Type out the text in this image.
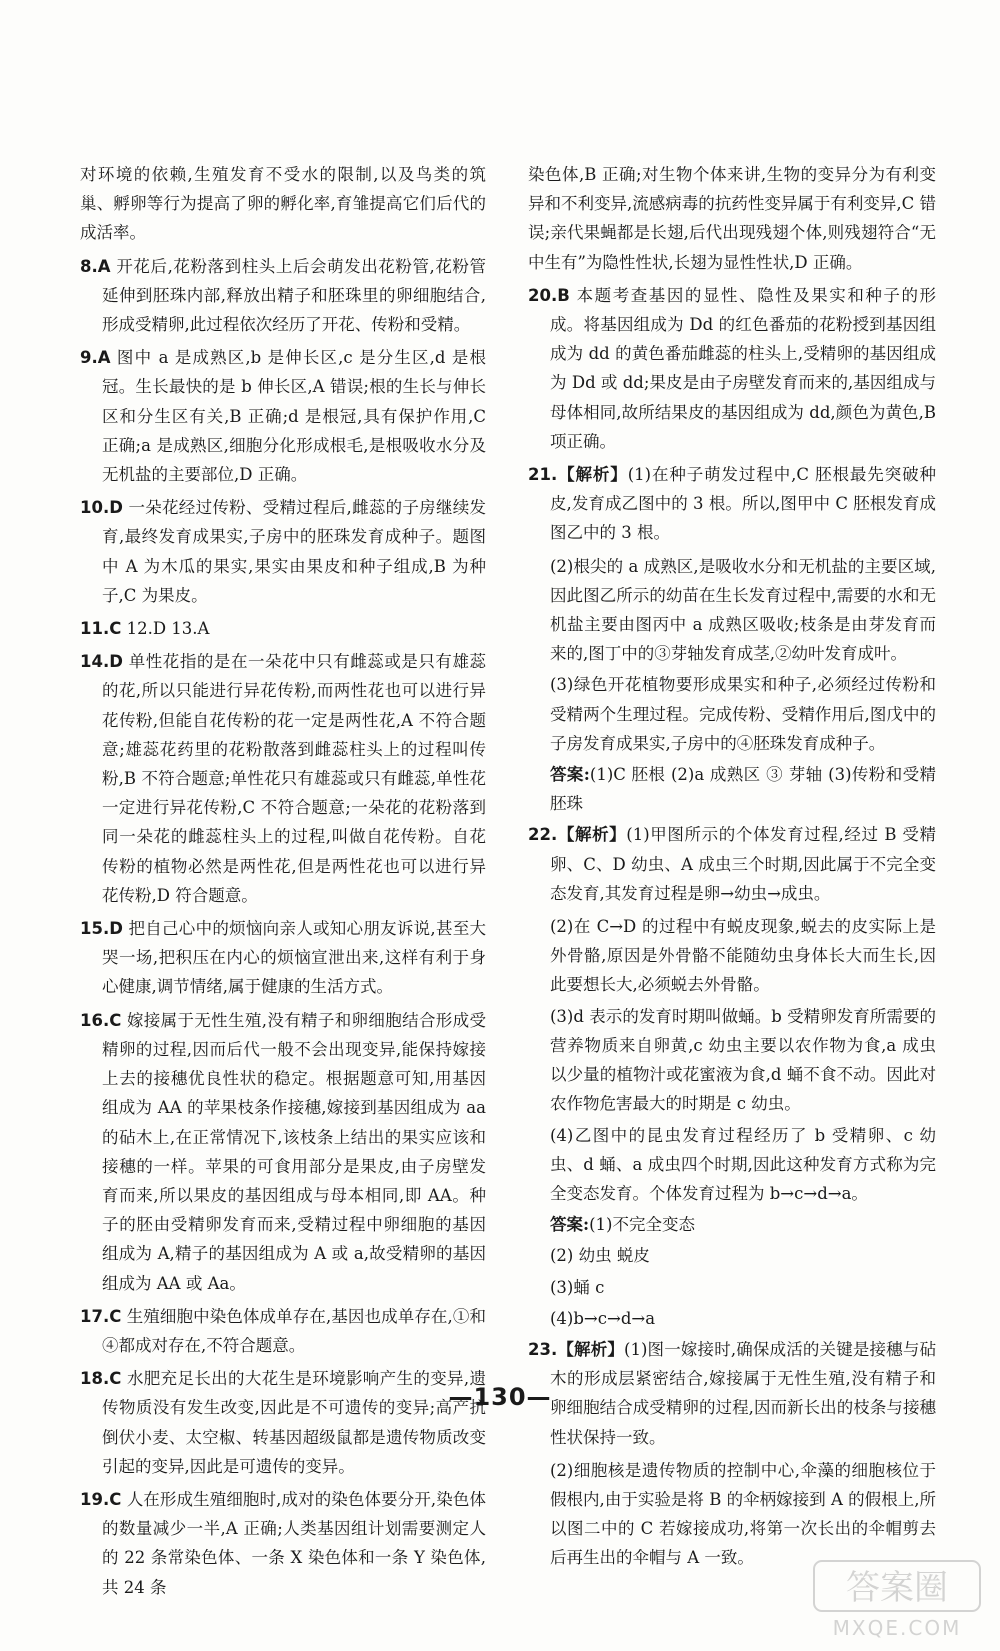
对环境的依赖,生殖发育不受水的限制,以及鸟类的筑巢、孵卵等行为提高了卵的孵化率,育雏提高它们后代的成活率。

8.A 开花后,花粉落到柱头上后会萌发出花粉管,花粉管延伸到胚珠内部,释放出精子和胚珠里的卵细胞结合,形成受精卵,此过程依次经历了开花、传粉和受精。
9.A 图中 a 是成熟区,b 是伸长区,c 是分生区,d 是根冠。生长最快的是 b 伸长区,A 错误;根的生长与伸长区和分生区有关,B 正确;d 是根冠,具有保护作用,C 正确;a 是成熟区,细胞分化形成根毛,是根吸收水分及无机盐的主要部位,D 正确。
10.D 一朵花经过传粉、受精过程后,雌蕊的子房继续发育,最终发育成果实,子房中的胚珠发育成种子。题图中 A 为木瓜的果实,果实由果皮和种子组成,B 为种子,C 为果皮。
11.C 12.D 13.A
14.D 单性花指的是在一朵花中只有雌蕊或是只有雄蕊的花,所以只能进行异花传粉,而两性花也可以进行异花传粉,但能自花传粉的花一定是两性花,A 不符合题意;雄蕊花药里的花粉散落到雌蕊柱头上的过程叫传粉,B 不符合题意;单性花只有雄蕊或只有雌蕊,单性花一定进行异花传粉,C 不符合题意;一朵花的花粉落到同一朵花的雌蕊柱头上的过程,叫做自花传粉。自花传粉的植物必然是两性花,但是两性花也可以进行异花传粉,D 符合题意。
15.D 把自己心中的烦恼向亲人或知心朋友诉说,甚至大哭一场,把积压在内心的烦恼宣泄出来,这样有利于身心健康,调节情绪,属于健康的生活方式。
16.C 嫁接属于无性生殖,没有精子和卵细胞结合形成受精卵的过程,因而后代一般不会出现变异,能保持嫁接上去的接穗优良性状的稳定。根据题意可知,用基因组成为 AA 的苹果枝条作接穗,嫁接到基因组成为 aa 的砧木上,在正常情况下,该枝条上结出的果实应该和接穗的一样。苹果的可食用部分是果皮,由子房壁发育而来,所以果皮的基因组成与母本相同,即 AA。种子的胚由受精卵发育而来,受精过程中卵细胞的基因组成为 A,精子的基因组成为 A 或 a,故受精卵的基因组成为 AA 或 Aa。
17.C 生殖细胞中染色体成单存在,基因也成单存在,①和④都成对存在,不符合题意。
18.C 水肥充足长出的大花生是环境影响产生的变异,遗传物质没有发生改变,因此是不可遗传的变异;高产抗倒伏小麦、太空椒、转基因超级鼠都是遗传物质改变引起的变异,因此是可遗传的变异。
19.C 人在形成生殖细胞时,成对的染色体要分开,染色体的数量减少一半,A 正确;人类基因组计划需要测定人的 22 条常染色体、一条 X 染色体和一条 Y 染色体,共 24 条

染色体,B 正确;对生物个体来讲,生物的变异分为有利变异和不利变异,流感病毒的抗药性变异属于有利变异,C 错误;亲代果蝇都是长翅,后代出现残翅个体,则残翅符合“无中生有”为隐性性状,长翅为显性性状,D 正确。

20.B 本题考查基因的显性、隐性及果实和种子的形成。将基因组成为 Dd 的红色番茄的花粉授到基因组成为 dd 的黄色番茄雌蕊的柱头上,受精卵的基因组成为 Dd 或 dd;果皮是由子房壁发育而来的,基因组成与母体相同,故所结果皮的基因组成为 dd,颜色为黄色,B 项正确。
21.【解析】(1)在种子萌发过程中,C 胚根最先突破种皮,发育成乙图中的 3 根。所以,图甲中 C 胚根发育成图乙中的 3 根。
(2)根尖的 a 成熟区,是吸收水分和无机盐的主要区域,因此图乙所示的幼苗在生长发育过程中,需要的水和无机盐主要由图丙中 a 成熟区吸收;枝条是由芽发育而来的,图丁中的③芽轴发育成茎,②幼叶发育成叶。
(3)绿色开花植物要形成果实和种子,必须经过传粉和受精两个生理过程。完成传粉、受精作用后,图戊中的子房发育成果实,子房中的④胚珠发育成种子。
答案:(1)C 胚根 (2)a 成熟区 ③ 芽轴 (3)传粉和受精 胚珠
22.【解析】(1)甲图所示的个体发育过程,经过 B 受精卵、C、D 幼虫、A 成虫三个时期,因此属于不完全变态发育,其发育过程是卵→幼虫→成虫。
(2)在 C→D 的过程中有蜕皮现象,蜕去的皮实际上是外骨骼,原因是外骨骼不能随幼虫身体长大而生长,因此要想长大,必须蜕去外骨骼。
(3)d 表示的发育时期叫做蛹。b 受精卵发育所需要的营养物质来自卵黄,c 幼虫主要以农作物为食,a 成虫以少量的植物汁或花蜜液为食,d 蛹不食不动。因此对农作物危害最大的时期是 c 幼虫。
(4)乙图中的昆虫发育过程经历了 b 受精卵、c 幼虫、d 蛹、a 成虫四个时期,因此这种发育方式称为完全变态发育。个体发育过程为 b→c→d→a。
答案:(1)不完全变态
(2) 幼虫 蜕皮
(3)蛹 c
(4)b→c→d→a
23.【解析】(1)图一嫁接时,确保成活的关键是接穗与砧木的形成层紧密结合,嫁接属于无性生殖,没有精子和卵细胞结合成受精卵的过程,因而新长出的枝条与接穗性状保持一致。
(2)细胞核是遗传物质的控制中心,伞藻的细胞核位于假根内,由于实验是将 B 的伞柄嫁接到 A 的假根上,所以图二中的 C 若嫁接成功,将第一次长出的伞帽剪去后再生出的伞帽与 A 一致。
—130—
答案圈
MXQE.COM
